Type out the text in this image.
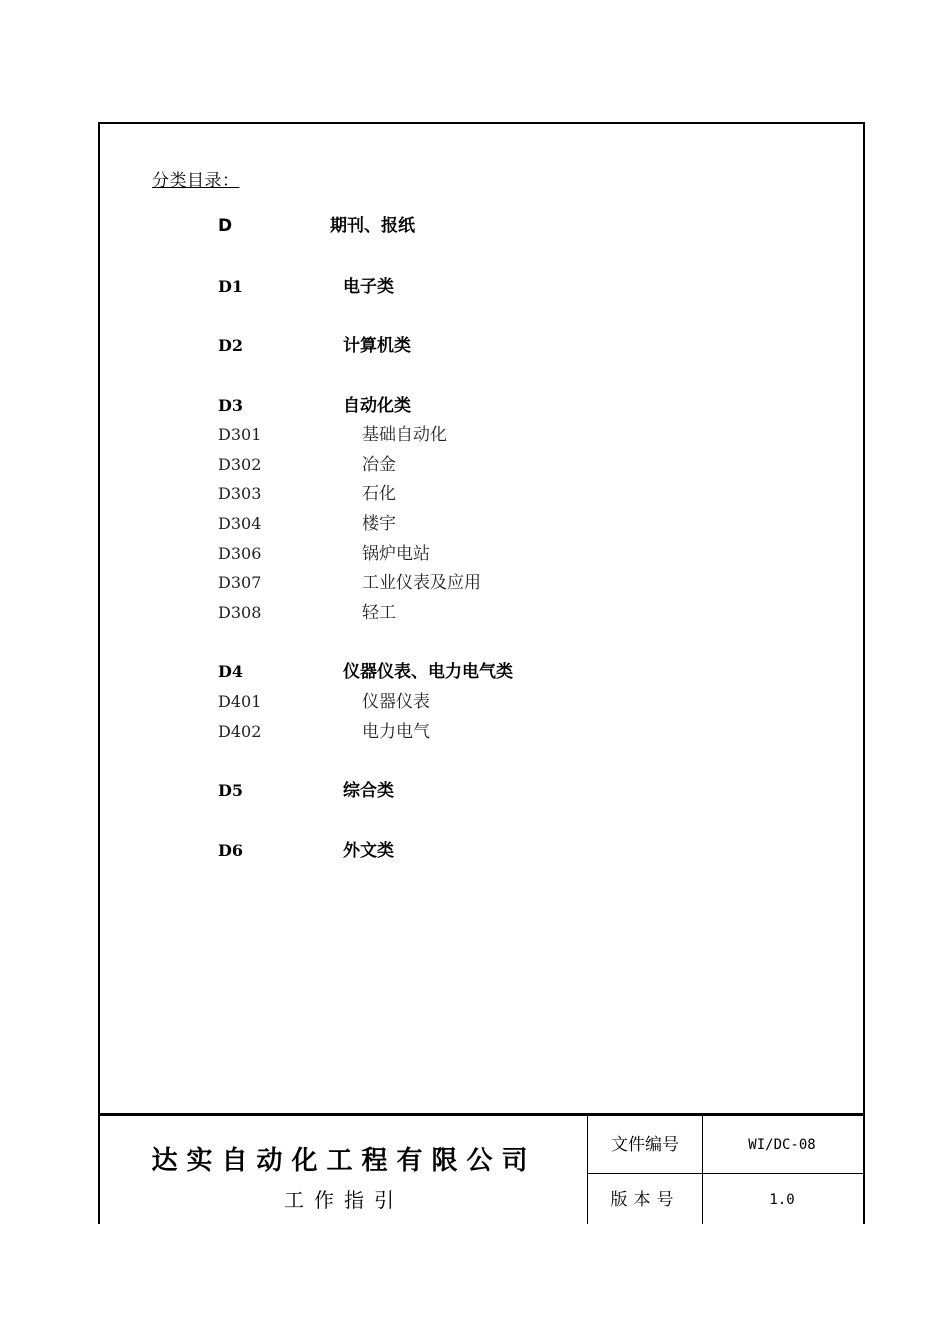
分类目录：
D	期刊、报纸
D1	电子类
D2	计算机类
D3	自动化类
D301	基础自动化
D302	冶金
D303	石化
D304	楼宇
D306	锅炉电站
D307	工业仪表及应用
D308	轻工
D4	仪器仪表、电力电气类
D401	仪器仪表
D402	电力电气
D5	综合类
D6	外文类
达实自动化工程有限公司
工作指引
文件编号	WI/DC-08
版本号	1.0
